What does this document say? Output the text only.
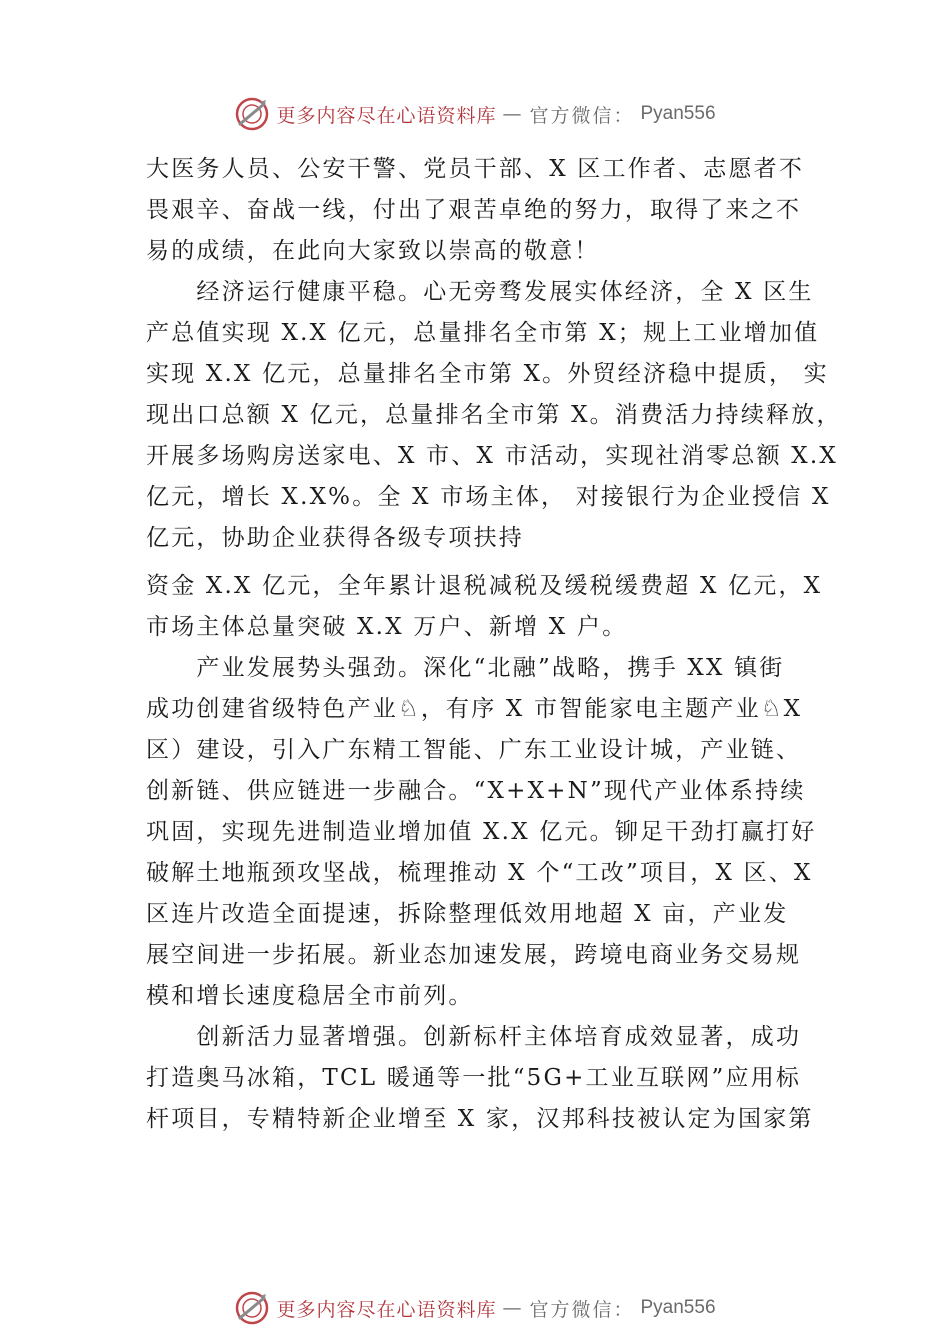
更多内容尽在心语资料库 — 官方微信： Pyan556
大医务人员、公安干警、党员干部、X 区工作者、志愿者不
畏艰辛、奋战一线，付出了艰苦卓绝的努力，取得了来之不
易的成绩，在此向大家致以崇高的敬意！
　　经济运行健康平稳。心无旁骛发展实体经济，全 X 区生
产总值实现 X.X 亿元，总量排名全市第 X；规上工业增加值
实现 X.X 亿元，总量排名全市第 X。外贸经济稳中提质， 实
现出口总额 X 亿元，总量排名全市第 X。消费活力持续释放，
开展多场购房送家电、X 市、X 市活动，实现社消零总额 X.X
亿元，增长 X.X%。全 X 市场主体， 对接银行为企业授信 X
亿元，协助企业获得各级专项扶持
资金 X.X 亿元，全年累计退税减税及缓税缓费超 X 亿元，X
市场主体总量突破 X.X 万户、新增 X 户。
　　产业发展势头强劲。深化“北融”战略，携手 XX 镇街
成功创建省级特色产业♘，有序 X 市智能家电主题产业♘X
区）建设，引入广东精工智能、广东工业设计城，产业链、
创新链、供应链进一步融合。“X+X+N”现代产业体系持续
巩固，实现先进制造业增加值 X.X 亿元。铆足干劲打赢打好
破解土地瓶颈攻坚战，梳理推动 X 个“工改”项目，X 区、X
区连片改造全面提速，拆除整理低效用地超 X 亩，产业发
展空间进一步拓展。新业态加速发展，跨境电商业务交易规
模和增长速度稳居全市前列。
　　创新活力显著增强。创新标杆主体培育成效显著，成功
打造奥马冰箱，TCL 暖通等一批“5G+工业互联网”应用标
杆项目，专精特新企业增至 X 家，汉邦科技被认定为国家第
更多内容尽在心语资料库 — 官方微信： Pyan556
